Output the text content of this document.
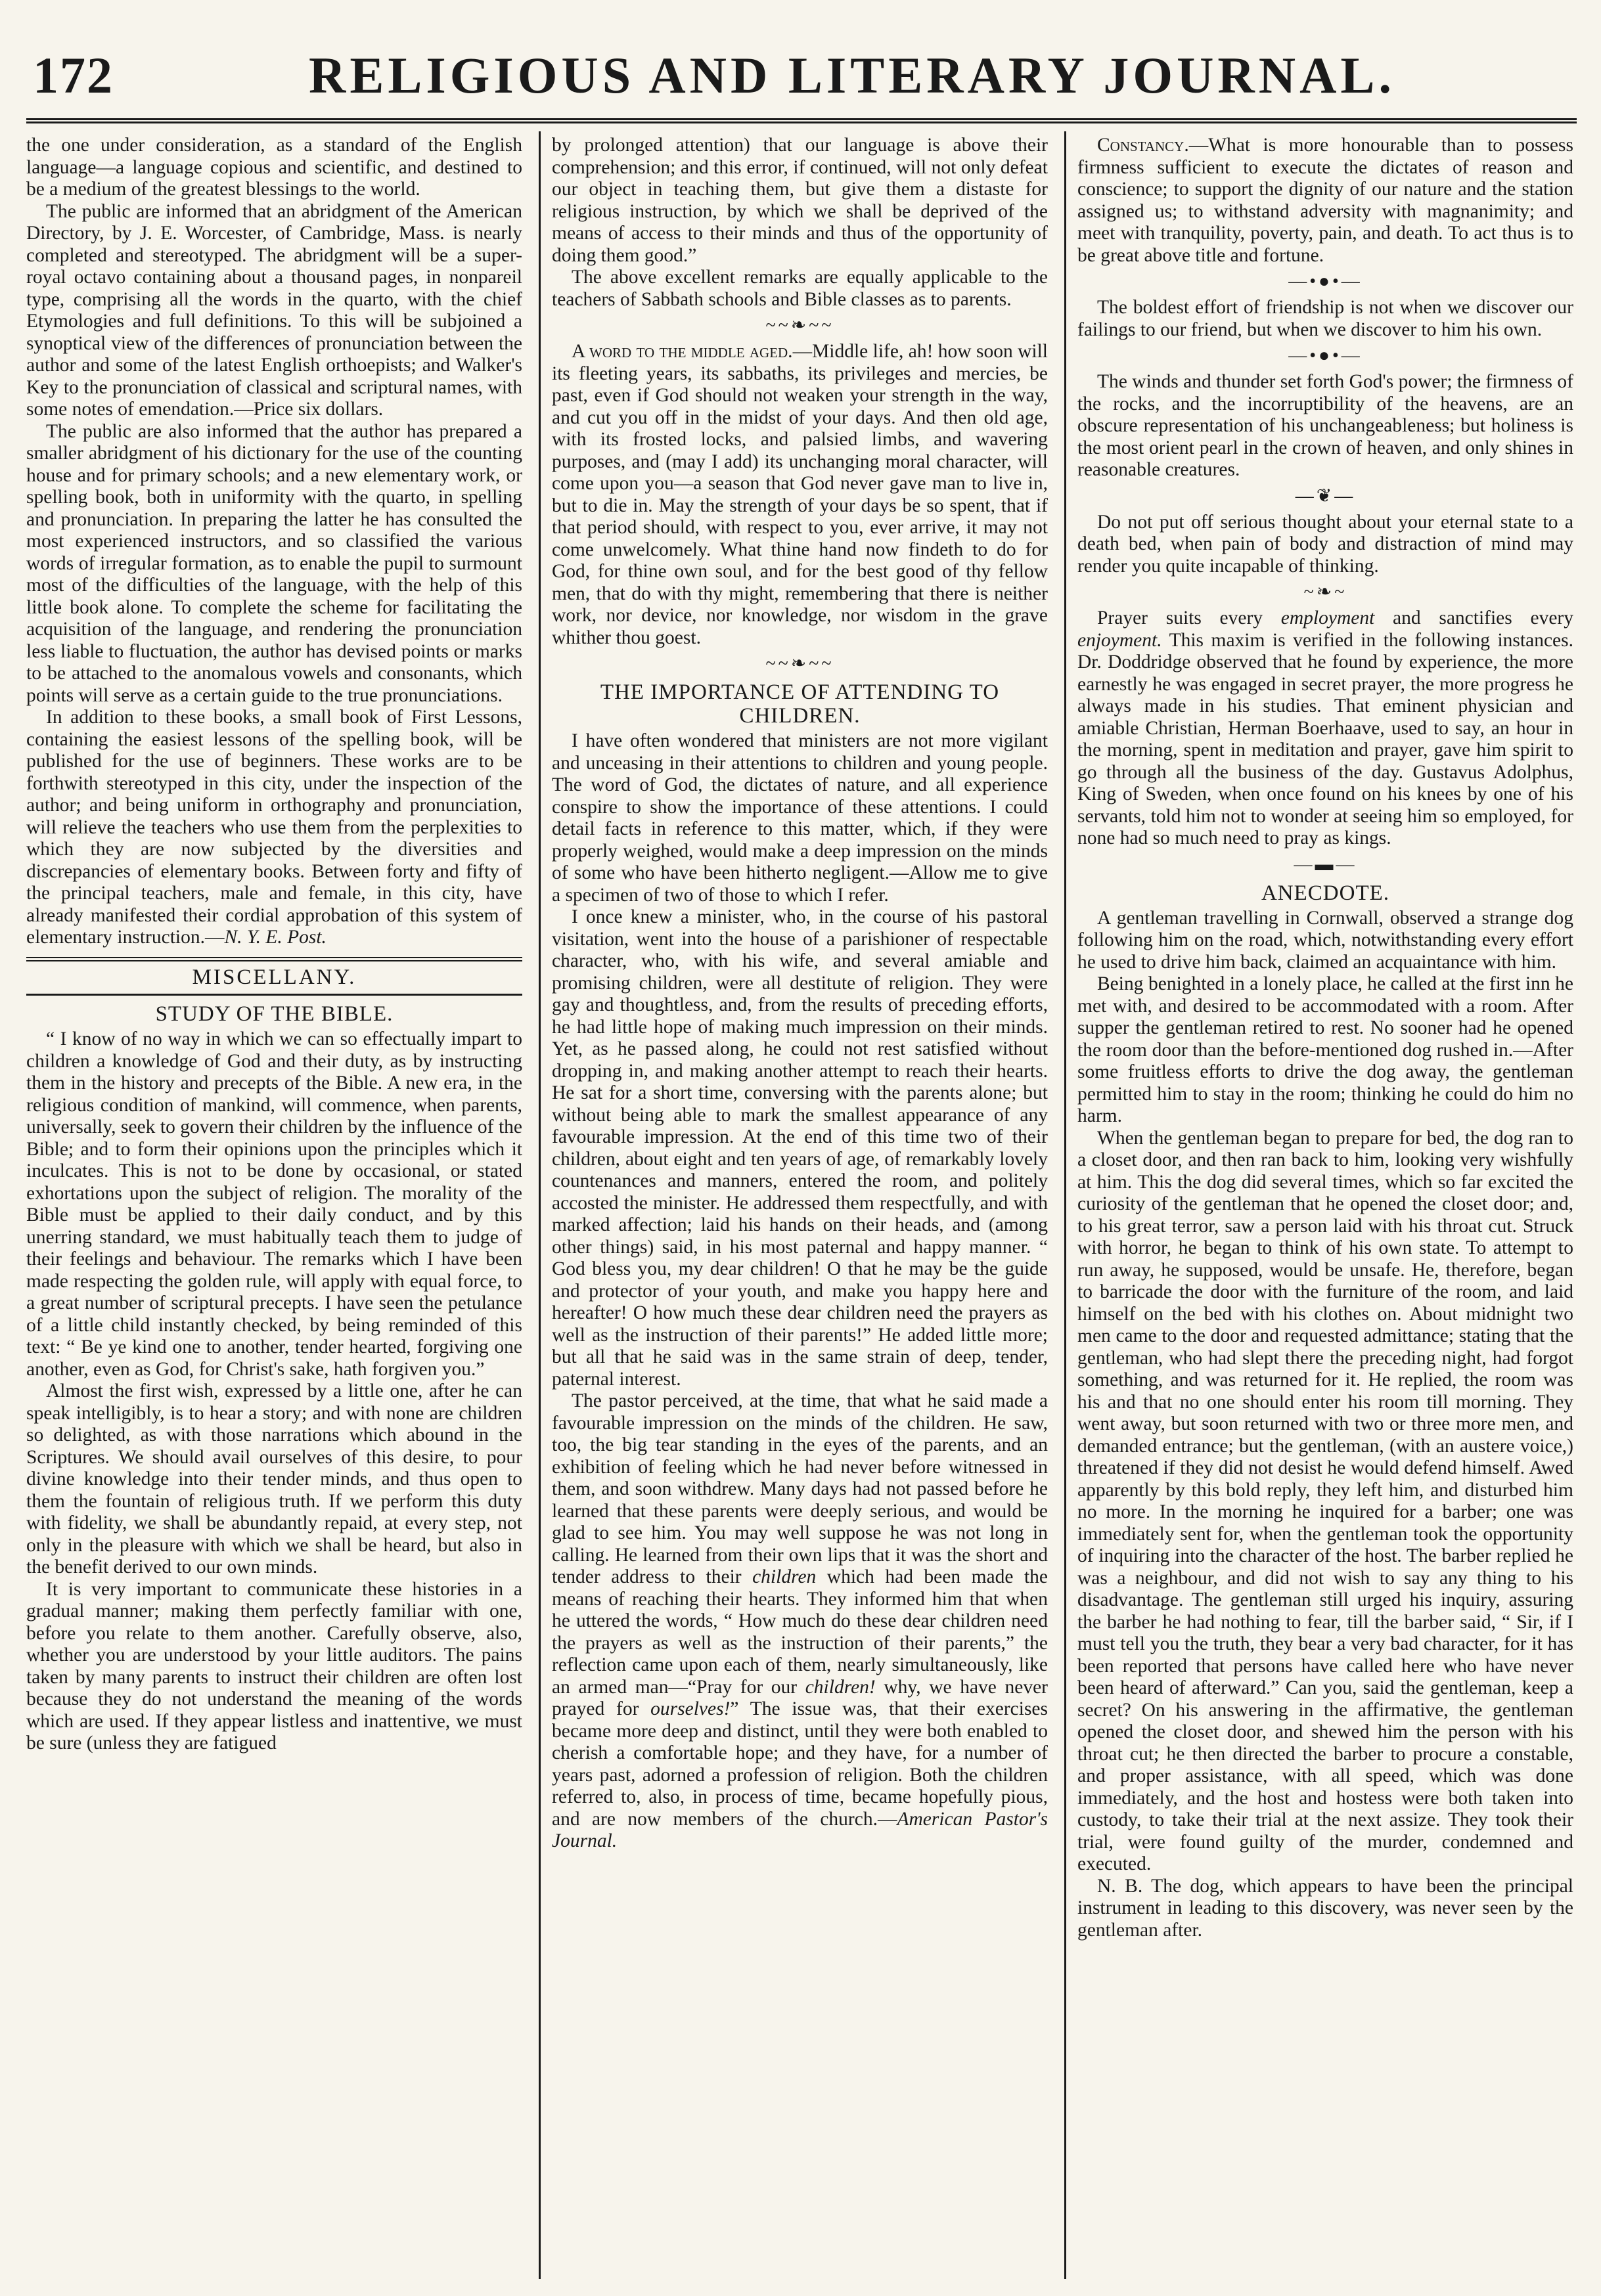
172	RELIGIOUS AND LITERARY JOURNAL.

the one under consideration, as a standard of the English language—a language copious and scientific, and destined to be a medium of the greatest blessings to the world.

The public are informed that an abridgment of the American Directory, by J. E. Worcester, of Cambridge, Mass. is nearly completed and stereotyped. The abridgment will be a super-royal octavo containing about a thousand pages, in nonpareil type, comprising all the words in the quarto, with the chief Etymologies and full definitions. To this will be subjoined a synoptical view of the differences of pronunciation between the author and some of the latest English orthoepists; and Walker's Key to the pronunciation of classical and scriptural names, with some notes of emendation.—Price six dollars.

The public are also informed that the author has prepared a smaller abridgment of his dictionary for the use of the counting house and for primary schools; and a new elementary work, or spelling book, both in uniformity with the quarto, in spelling and pronunciation. In preparing the latter he has consulted the most experienced instructors, and so classified the various words of irregular formation, as to enable the pupil to surmount most of the difficulties of the language, with the help of this little book alone. To complete the scheme for facilitating the acquisition of the language, and rendering the pronunciation less liable to fluctuation, the author has devised points or marks to be attached to the anomalous vowels and consonants, which points will serve as a certain guide to the true pronunciations.

In addition to these books, a small book of First Lessons, containing the easiest lessons of the spelling book, will be published for the use of beginners. These works are to be forthwith stereotyped in this city, under the inspection of the author; and being uniform in orthography and pronunciation, will relieve the teachers who use them from the perplexities to which they are now subjected by the diversities and discrepancies of elementary books. Between forty and fifty of the principal teachers, male and female, in this city, have already manifested their cordial approbation of this system of elementary instruction.—N. Y. E. Post.

MISCELLANY.
STUDY OF THE BIBLE.

“ I know of no way in which we can so effectually impart to children a knowledge of God and their duty, as by instructing them in the history and precepts of the Bible. A new era, in the religious condition of mankind, will commence, when parents, universally, seek to govern their children by the influence of the Bible; and to form their opinions upon the principles which it inculcates. This is not to be done by occasional, or stated exhortations upon the subject of religion. The morality of the Bible must be applied to their daily conduct, and by this unerring standard, we must habitually teach them to judge of their feelings and behaviour. The remarks which I have been made respecting the golden rule, will apply with equal force, to a great number of scriptural precepts. I have seen the petulance of a little child instantly checked, by being reminded of this text: “ Be ye kind one to another, tender hearted, forgiving one another, even as God, for Christ's sake, hath forgiven you.”

Almost the first wish, expressed by a little one, after he can speak intelligibly, is to hear a story; and with none are children so delighted, as with those narrations which abound in the Scriptures. We should avail ourselves of this desire, to pour divine knowledge into their tender minds, and thus open to them the fountain of religious truth. If we perform this duty with fidelity, we shall be abundantly repaid, at every step, not only in the pleasure with which we shall be heard, but also in the benefit derived to our own minds.

It is very important to communicate these histories in a gradual manner; making them perfectly familiar with one, before you relate to them another. Carefully observe, also, whether you are understood by your little auditors. The pains taken by many parents to instruct their children are often lost because they do not understand the meaning of the words which are used. If they appear listless and inattentive, we must be sure (unless they are fatigued

by prolonged attention) that our language is above their comprehension; and this error, if continued, will not only defeat our object in teaching them, but give them a distaste for religious instruction, by which we shall be deprived of the means of access to their minds and thus of the opportunity of doing them good.”

The above excellent remarks are equally applicable to the teachers of Sabbath schools and Bible classes as to parents.

~~❧~~

A word to the middle aged.—Middle life, ah! how soon will its fleeting years, its sabbaths, its privileges and mercies, be past, even if God should not weaken your strength in the way, and cut you off in the midst of your days. And then old age, with its frosted locks, and palsied limbs, and wavering purposes, and (may I add) its unchanging moral character, will come upon you—a season that God never gave man to live in, but to die in. May the strength of your days be so spent, that if that period should, with respect to you, ever arrive, it may not come unwelcomely. What thine hand now findeth to do for God, for thine own soul, and for the best good of thy fellow men, that do with thy might, remembering that there is neither work, nor device, nor knowledge, nor wisdom in the grave whither thou goest.

~~❧~~
THE IMPORTANCE OF ATTENDING TO CHILDREN.

I have often wondered that ministers are not more vigilant and unceasing in their attentions to children and young people. The word of God, the dictates of nature, and all experience conspire to show the importance of these attentions. I could detail facts in reference to this matter, which, if they were properly weighed, would make a deep impression on the minds of some who have been hitherto negligent.—Allow me to give a specimen of two of those to which I refer.

I once knew a minister, who, in the course of his pastoral visitation, went into the house of a parishioner of respectable character, who, with his wife, and several amiable and promising children, were all destitute of religion. They were gay and thoughtless, and, from the results of preceding efforts, he had little hope of making much impression on their minds. Yet, as he passed along, he could not rest satisfied without dropping in, and making another attempt to reach their hearts. He sat for a short time, conversing with the parents alone; but without being able to mark the smallest appearance of any favourable impression. At the end of this time two of their children, about eight and ten years of age, of remarkably lovely countenances and manners, entered the room, and politely accosted the minister. He addressed them respectfully, and with marked affection; laid his hands on their heads, and (among other things) said, in his most paternal and happy manner. “ God bless you, my dear children! O that he may be the guide and protector of your youth, and make you happy here and hereafter! O how much these dear children need the prayers as well as the instruction of their parents!” He added little more; but all that he said was in the same strain of deep, tender, paternal interest.

The pastor perceived, at the time, that what he said made a favourable impression on the minds of the children. He saw, too, the big tear standing in the eyes of the parents, and an exhibition of feeling which he had never before witnessed in them, and soon withdrew. Many days had not passed before he learned that these parents were deeply serious, and would be glad to see him. You may well suppose he was not long in calling. He learned from their own lips that it was the short and tender address to their children which had been made the means of reaching their hearts. They informed him that when he uttered the words, “ How much do these dear children need the prayers as well as the instruction of their parents,” the reflection came upon each of them, nearly simultaneously, like an armed man—“Pray for our children! why, we have never prayed for ourselves!” The issue was, that their exercises became more deep and distinct, until they were both enabled to cherish a comfortable hope; and they have, for a number of years past, adorned a profession of religion. Both the children referred to, also, in process of time, became hopefully pious, and are now members of the church.—American Pastor's Journal.

Constancy.—What is more honourable than to possess firmness sufficient to execute the dictates of reason and conscience; to support the dignity of our nature and the station assigned us; to withstand adversity with magnanimity; and meet with tranquility, poverty, pain, and death. To act thus is to be great above title and fortune.

—•●•—

The boldest effort of friendship is not when we discover our failings to our friend, but when we discover to him his own.

—•●•—

The winds and thunder set forth God's power; the firmness of the rocks, and the incorruptibility of the heavens, are an obscure representation of his unchangeableness; but holiness is the most orient pearl in the crown of heaven, and only shines in reasonable creatures.

—❦—

Do not put off serious thought about your eternal state to a death bed, when pain of body and distraction of mind may render you quite incapable of thinking.

~❧~

Prayer suits every employment and sanctifies every enjoyment. This maxim is verified in the following instances. Dr. Doddridge observed that he found by experience, the more earnestly he was engaged in secret prayer, the more progress he always made in his studies. That eminent physician and amiable Christian, Herman Boerhaave, used to say, an hour in the morning, spent in meditation and prayer, gave him spirit to go through all the business of the day. Gustavus Adolphus, King of Sweden, when once found on his knees by one of his servants, told him not to wonder at seeing him so employed, for none had so much need to pray as kings.

—▬—
ANECDOTE.

A gentleman travelling in Cornwall, observed a strange dog following him on the road, which, notwithstanding every effort he used to drive him back, claimed an acquaintance with him.

Being benighted in a lonely place, he called at the first inn he met with, and desired to be accommodated with a room. After supper the gentleman retired to rest. No sooner had he opened the room door than the before-mentioned dog rushed in.—After some fruitless efforts to drive the dog away, the gentleman permitted him to stay in the room; thinking he could do him no harm.

When the gentleman began to prepare for bed, the dog ran to a closet door, and then ran back to him, looking very wishfully at him. This the dog did several times, which so far excited the curiosity of the gentleman that he opened the closet door; and, to his great terror, saw a person laid with his throat cut. Struck with horror, he began to think of his own state. To attempt to run away, he supposed, would be unsafe. He, therefore, began to barricade the door with the furniture of the room, and laid himself on the bed with his clothes on. About midnight two men came to the door and requested admittance; stating that the gentleman, who had slept there the preceding night, had forgot something, and was returned for it. He replied, the room was his and that no one should enter his room till morning. They went away, but soon returned with two or three more men, and demanded entrance; but the gentleman, (with an austere voice,) threatened if they did not desist he would defend himself. Awed apparently by this bold reply, they left him, and disturbed him no more. In the morning he inquired for a barber; one was immediately sent for, when the gentleman took the opportunity of inquiring into the character of the host. The barber replied he was a neighbour, and did not wish to say any thing to his disadvantage. The gentleman still urged his inquiry, assuring the barber he had nothing to fear, till the barber said, “ Sir, if I must tell you the truth, they bear a very bad character, for it has been reported that persons have called here who have never been heard of afterward.” Can you, said the gentleman, keep a secret? On his answering in the affirmative, the gentleman opened the closet door, and shewed him the person with his throat cut; he then directed the barber to procure a constable, and proper assistance, with all speed, which was done immediately, and the host and hostess were both taken into custody, to take their trial at the next assize. They took their trial, were found guilty of the murder, condemned and executed.

N. B. The dog, which appears to have been the principal instrument in leading to this discovery, was never seen by the gentleman after.
